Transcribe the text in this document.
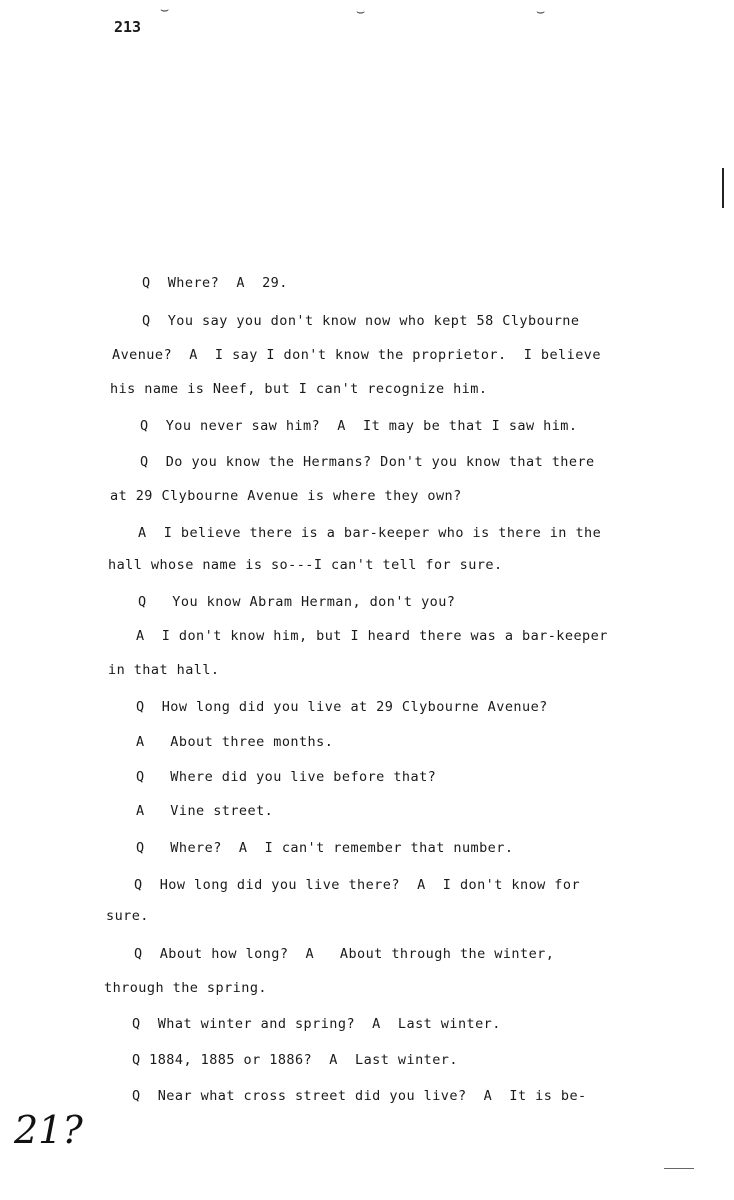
213
⌣	⌣	⌣
Q  Where?  A  29.
Q  You say you don't know now who kept 58 Clybourne
Avenue?  A  I say I don't know the proprietor.  I believe
his name is Neef, but I can't recognize him.
Q  You never saw him?  A  It may be that I saw him.
Q  Do you know the Hermans? Don't you know that there
at 29 Clybourne Avenue is where they own?
A  I believe there is a bar-keeper who is there in the
hall whose name is so---I can't tell for sure.
Q   You know Abram Herman, don't you?
A  I don't know him, but I heard there was a bar-keeper
in that hall.
Q  How long did you live at 29 Clybourne Avenue?
A   About three months.
Q   Where did you live before that?
A   Vine street.
Q   Where?  A  I can't remember that number.
Q  How long did you live there?  A  I don't know for
sure.
Q  About how long?  A   About through the winter,
through the spring.
Q  What winter and spring?  A  Last winter.
Q 1884, 1885 or 1886?  A  Last winter.
Q  Near what cross street did you live?  A  It is be-
21?
